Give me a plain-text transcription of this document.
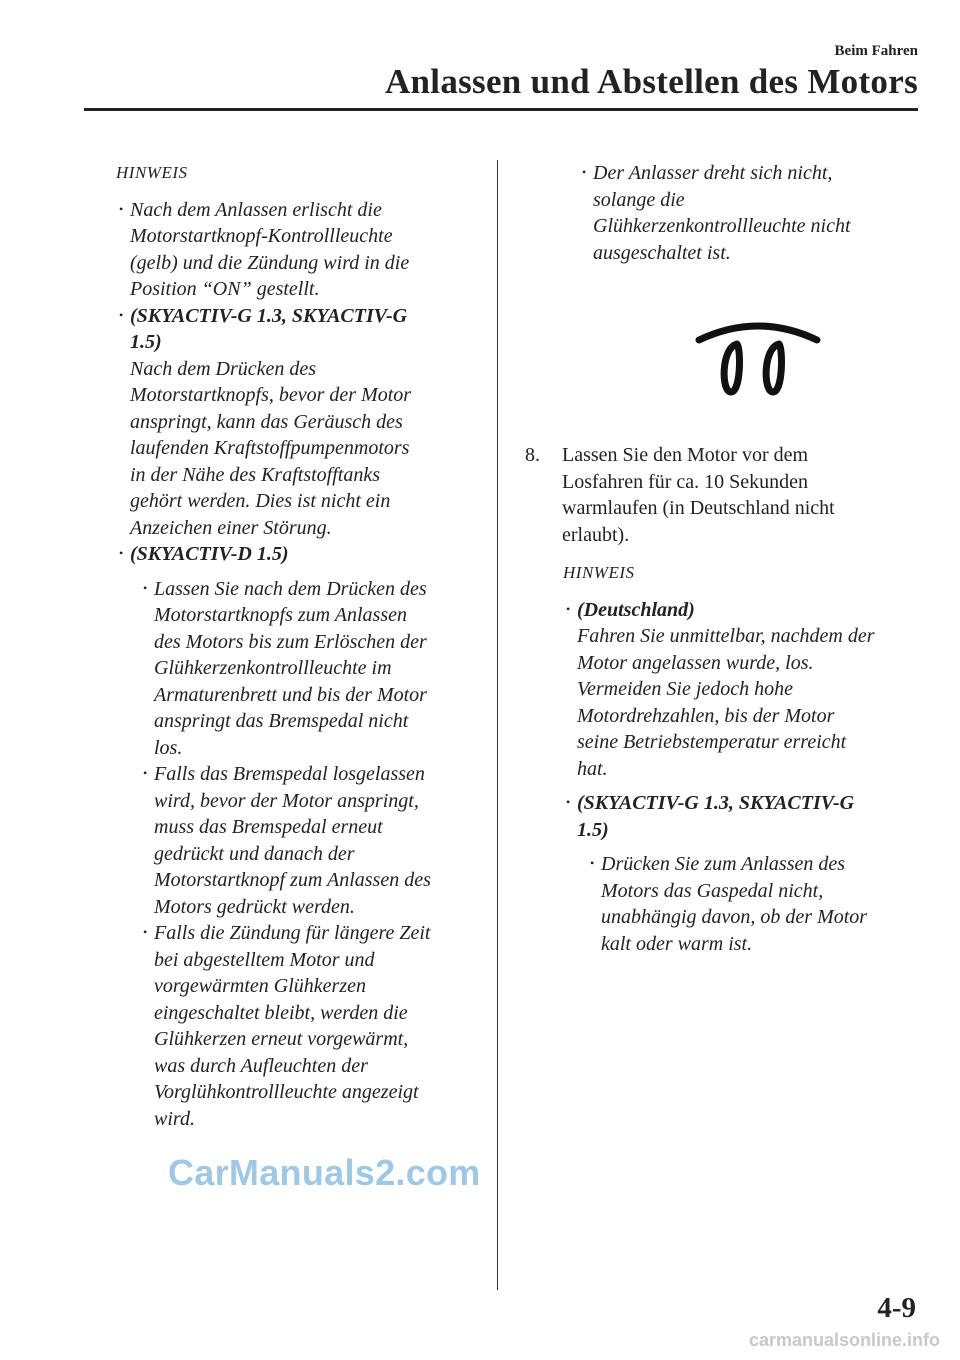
Beim Fahren
Anlassen und Abstellen des Motors
HINWEIS
• Nach dem Anlassen erlischt die
Motorstartknopf-Kontrollleuchte
(gelb) und die Zündung wird in die
Position “ON” gestellt.
• (SKYACTIV-G 1.3, SKYACTIV-G
1.5)
Nach dem Drücken des
Motorstartknopfs, bevor der Motor
anspringt, kann das Geräusch des
laufenden Kraftstoffpumpenmotors
in der Nähe des Kraftstofftanks
gehört werden. Dies ist nicht ein
Anzeichen einer Störung.
• (SKYACTIV-D 1.5)
• Lassen Sie nach dem Drücken des
Motorstartknopfs zum Anlassen
des Motors bis zum Erlöschen der
Glühkerzenkontrollleuchte im
Armaturenbrett und bis der Motor
anspringt das Bremspedal nicht
los.
• Falls das Bremspedal losgelassen
wird, bevor der Motor anspringt,
muss das Bremspedal erneut
gedrückt und danach der
Motorstartknopf zum Anlassen des
Motors gedrückt werden.
• Falls die Zündung für längere Zeit
bei abgestelltem Motor und
vorgewärmten Glühkerzen
eingeschaltet bleibt, werden die
Glühkerzen erneut vorgewärmt,
was durch Aufleuchten der
Vorglühkontrollleuchte angezeigt
wird.
• Der Anlasser dreht sich nicht,
solange die
Glühkerzenkontrollleuchte nicht
ausgeschaltet ist.
8. Lassen Sie den Motor vor dem
Losfahren für ca. 10 Sekunden
warmlaufen (in Deutschland nicht
erlaubt).
HINWEIS
• (Deutschland)
Fahren Sie unmittelbar, nachdem der
Motor angelassen wurde, los.
Vermeiden Sie jedoch hohe
Motordrehzahlen, bis der Motor
seine Betriebstemperatur erreicht
hat.
• (SKYACTIV-G 1.3, SKYACTIV-G
1.5)
• Drücken Sie zum Anlassen des
Motors das Gaspedal nicht,
unabhängig davon, ob der Motor
kalt oder warm ist.
CarManuals2.com
4-9
carmanualsonline.info
